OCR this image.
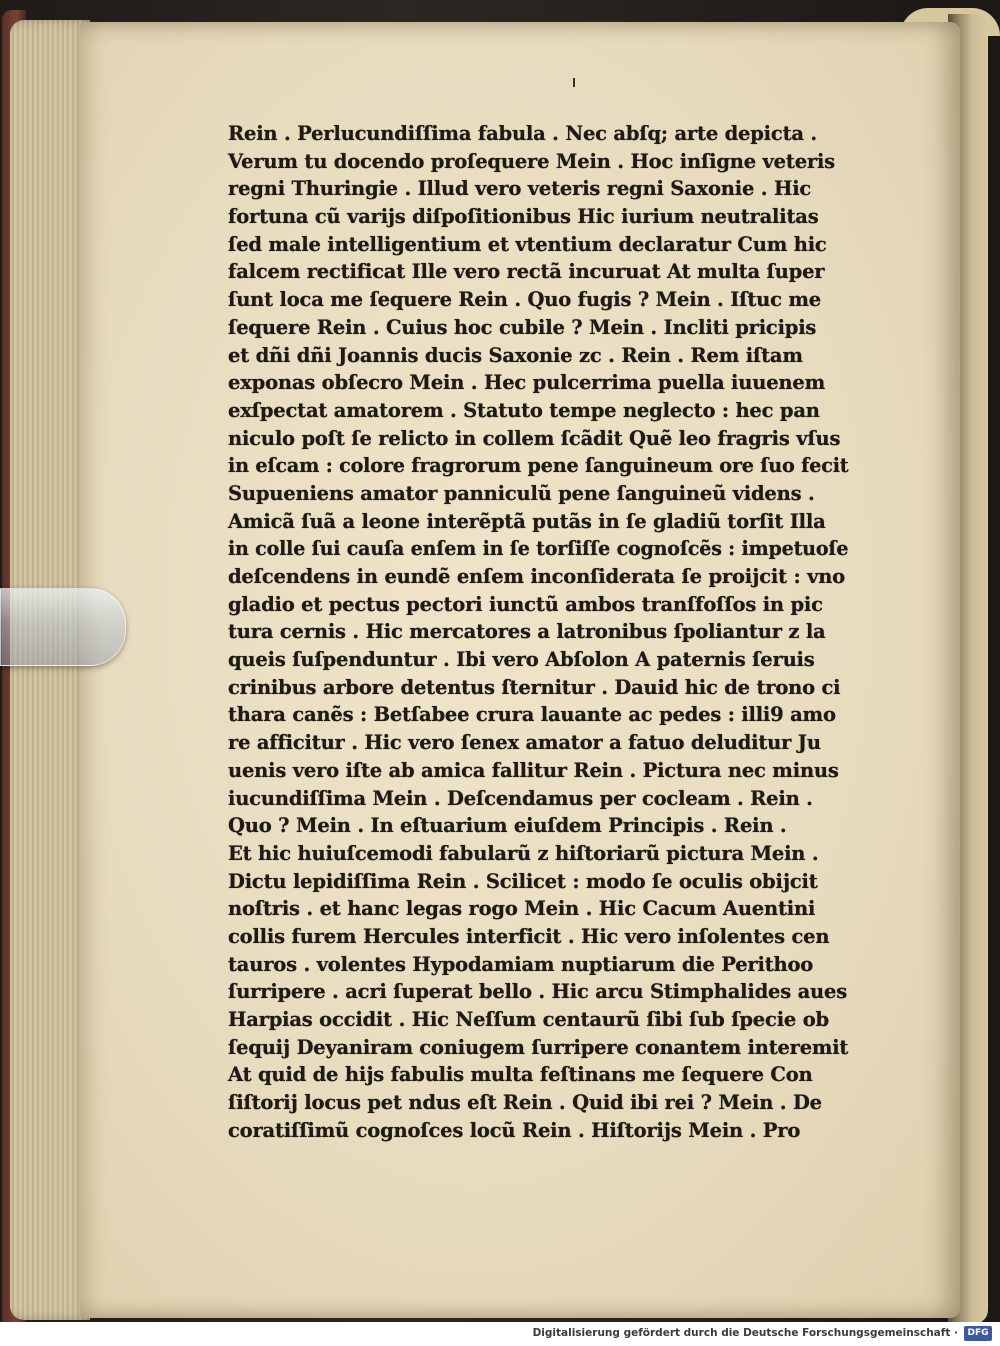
Rein . Perlucundiſſima fabula . Nec abſq; arte depicta .
Verum tu docendo proſequere Mein . Hoc inſigne veteris
regni Thuringie . Illud vero veteris regni Saxonie . Hic
fortuna cũ varijs diſpoſitionibus Hic iurium neutralitas
ſed male intelligentium et vtentium declaratur Cum hic
falcem rectificat Ille vero rectã incuruat At multa ſuper
ſunt loca me ſequere Rein . Quo fugis ? Mein . Iſtuc me
ſequere Rein . Cuius hoc cubile ? Mein . Incliti pricipis
et dñi dñi Joannis ducis Saxonie zc . Rein . Rem iſtam
exponas obſecro Mein . Hec pulcerrima puella iuuenem
exſpectat amatorem . Statuto tempe neglecto : hec pan
niculo poſt ſe relicto in collem ſcãdit Quẽ leo fragris vſus
in eſcam : colore fragrorum pene ſanguineum ore ſuo fecit
Supueniens amator panniculũ pene ſanguineũ videns .
Amicã ſuã a leone interẽptã putãs in ſe gladiũ torſit Illa
in colle ſui cauſa enſem in ſe torſiſſe cognoſcẽs : impetuoſe
deſcendens in eundẽ enſem inconſiderata ſe proĳcit : vno
gladio et pectus pectori iunctũ ambos tranſfoſſos in pic
tura cernis . Hic mercatores a latronibus ſpoliantur z la
queis ſuſpenduntur . Ibi vero Abſolon A paternis ſeruis
crinibus arbore detentus ſternitur . Dauid hic de trono ci
thara canẽs : Betſabee crura lauante ac pedes : illi9 amo
re afficitur . Hic vero ſenex amator a fatuo deluditur Ju
uenis vero iſte ab amica fallitur Rein . Pictura nec minus
iucundiſſima Mein . Deſcendamus per cocleam . Rein .
Quo ? Mein . In eſtuarium eiuſdem Principis . Rein .
Et hic huiuſcemodi fabularũ z hiſtoriarũ pictura Mein .
Dictu lepidiſſima Rein . Scilicet : modo ſe oculis obĳcit
noſtris . et hanc legas rogo Mein . Hic Cacum Auentini
collis furem Hercules interficit . Hic vero inſolentes cen
tauros . volentes Hypodamiam nuptiarum die Perithoo
ſurripere . acri ſuperat bello . Hic arcu Stimphalides aues
Harpias occidit . Hic Neſſum centaurũ ſibi ſub ſpecie ob
ſequĳ Deyaniram coniugem ſurripere conantem interemit
At quid de hĳs fabulis multa feſtinans me ſequere Con
ſiſtorĳ locus pet ndus eſt Rein . Quid ibi rei ? Mein . De
coratiſſimũ cognoſces locũ Rein . Hiſtorĳs Mein . Pro
Digitalisierung gefördert durch die Deutsche Forschungsgemeinschaft ·	DFG
